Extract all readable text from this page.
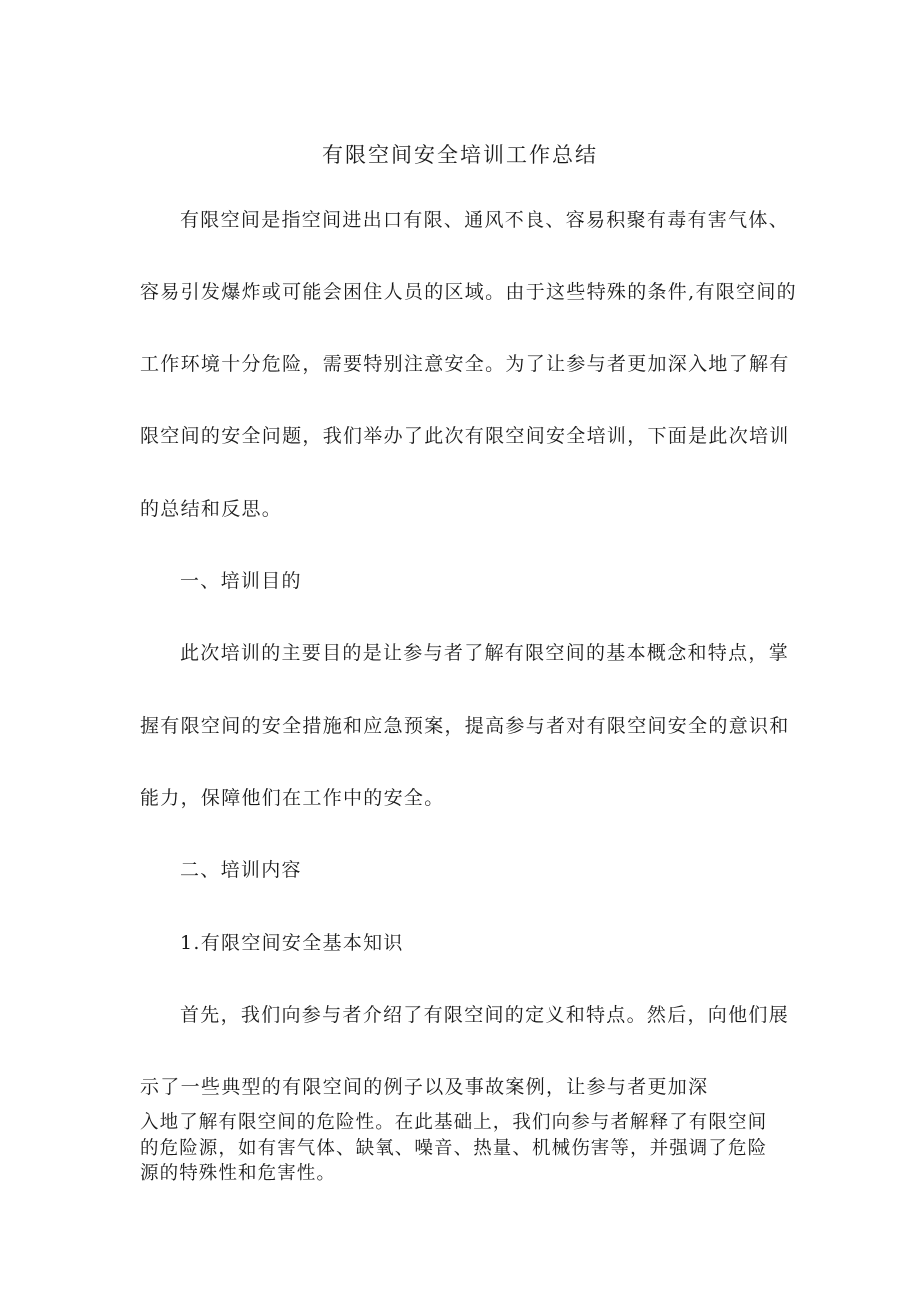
有限空间安全培训工作总结
有限空间是指空间进出口有限、通风不良、容易积聚有毒有害气体、
容易引发爆炸或可能会困住人员的区域。由于这些特殊的条件,有限空间的
工作环境十分危险，需要特别注意安全。为了让参与者更加深入地了解有
限空间的安全问题，我们举办了此次有限空间安全培训，下面是此次培训
的总结和反思。
一、培训目的
此次培训的主要目的是让参与者了解有限空间的基本概念和特点，掌
握有限空间的安全措施和应急预案，提高参与者对有限空间安全的意识和
能力，保障他们在工作中的安全。
二、培训内容
1.有限空间安全基本知识
首先，我们向参与者介绍了有限空间的定义和特点。然后，向他们展
示了一些典型的有限空间的例子以及事故案例，让参与者更加深
入地了解有限空间的危险性。在此基础上，我们向参与者解释了有限空间
的危险源，如有害气体、缺氧、噪音、热量、机械伤害等，并强调了危险
源的特殊性和危害性。
